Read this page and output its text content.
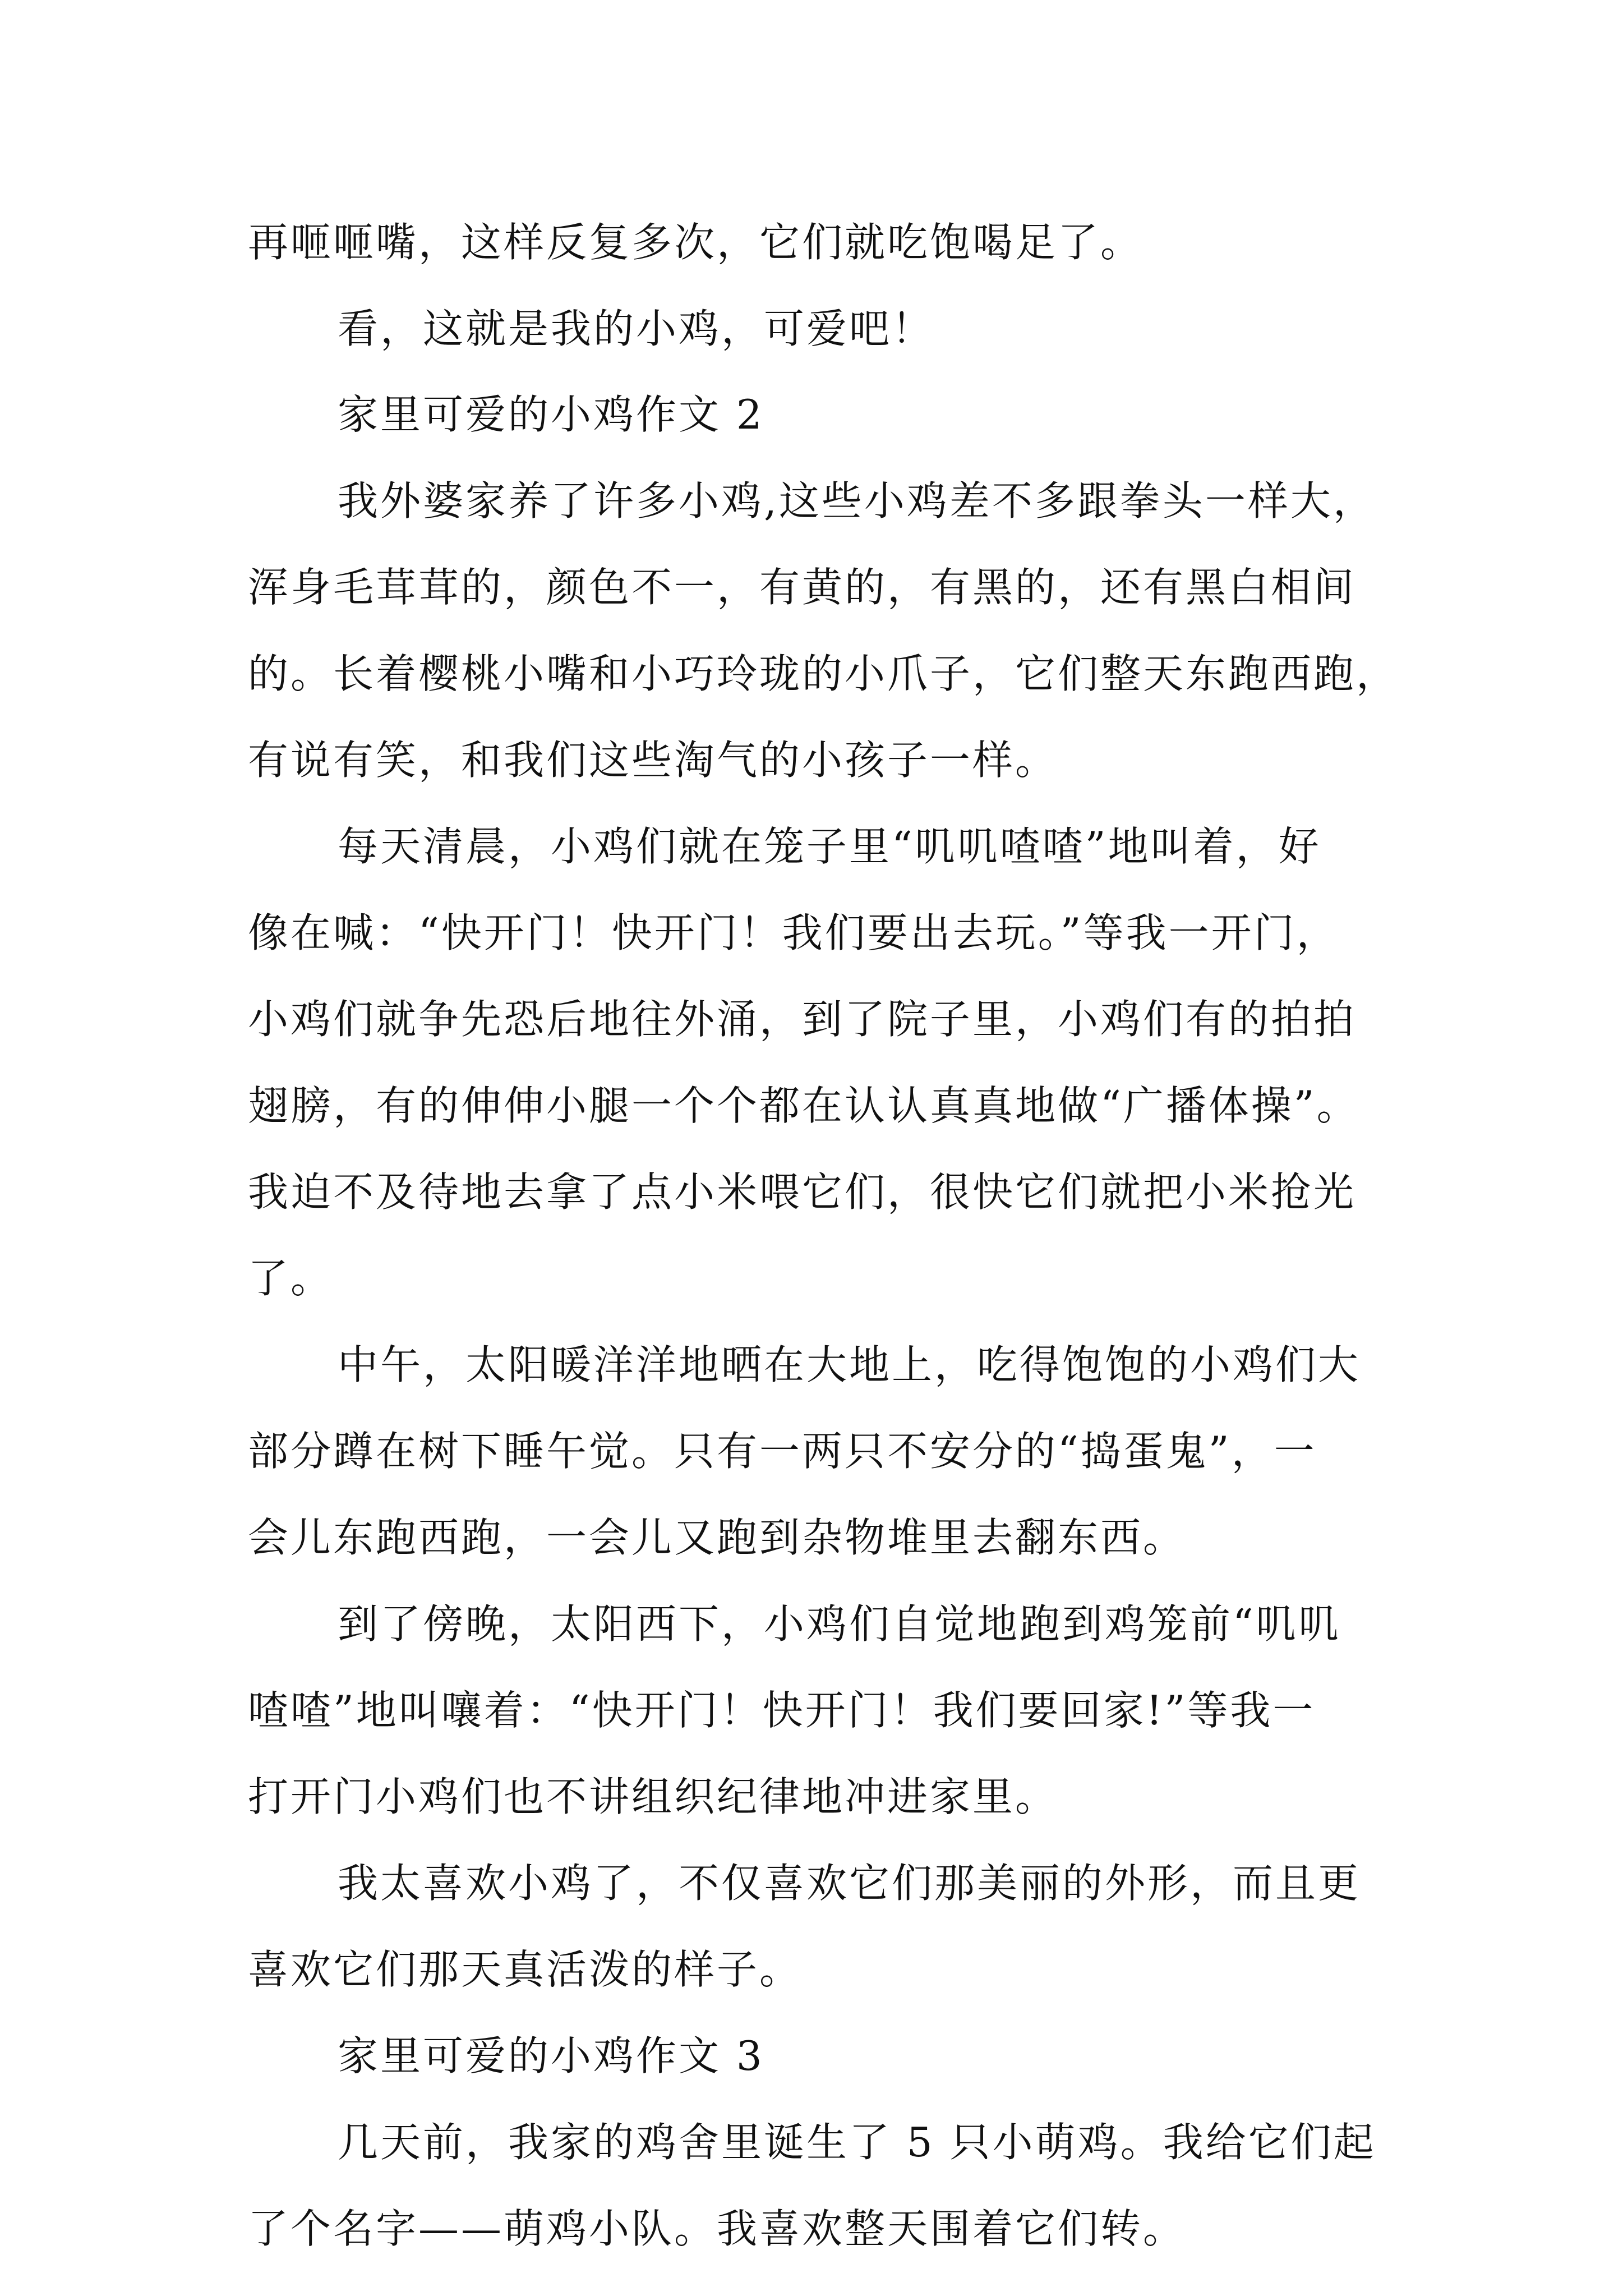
再咂咂嘴，这样反复多次，它们就吃饱喝足了。
看，这就是我的小鸡，可爱吧！
家里可爱的小鸡作文 2
我外婆家养了许多小鸡,这些小鸡差不多跟拳头一样大，
浑身毛茸茸的，颜色不一，有黄的，有黑的，还有黑白相间
的。长着樱桃小嘴和小巧玲珑的小爪子，它们整天东跑西跑，
有说有笑，和我们这些淘气的小孩子一样。
每天清晨，小鸡们就在笼子里“叽叽喳喳”地叫着，好
像在喊：“快开门！快开门！我们要出去玩。”等我一开门，
小鸡们就争先恐后地往外涌，到了院子里，小鸡们有的拍拍
翅膀，有的伸伸小腿一个个都在认认真真地做“广播体操”。
我迫不及待地去拿了点小米喂它们，很快它们就把小米抢光
了。
中午，太阳暖洋洋地晒在大地上，吃得饱饱的小鸡们大
部分蹲在树下睡午觉。只有一两只不安分的“捣蛋鬼”，一
会儿东跑西跑，一会儿又跑到杂物堆里去翻东西。
到了傍晚，太阳西下，小鸡们自觉地跑到鸡笼前“叽叽
喳喳”地叫嚷着：“快开门！快开门！我们要回家!”等我一
打开门小鸡们也不讲组织纪律地冲进家里。
我太喜欢小鸡了，不仅喜欢它们那美丽的外形，而且更
喜欢它们那天真活泼的样子。
家里可爱的小鸡作文 3
几天前，我家的鸡舍里诞生了 5 只小萌鸡。我给它们起
了个名字——萌鸡小队。我喜欢整天围着它们转。
